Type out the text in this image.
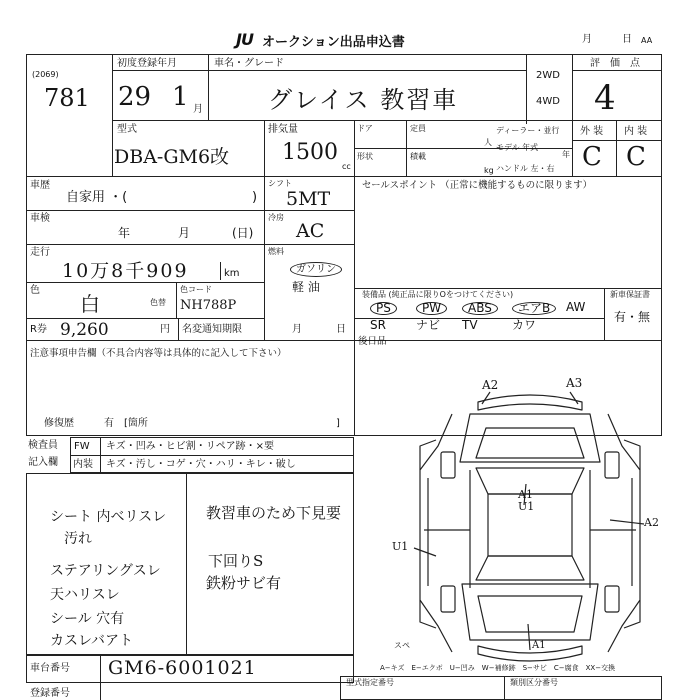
JU オークション出品申込書	月	日 AA
(2069)
781
初度登録年月
29 1 月
車名・グレード
グレイス 教習車
2WD
4WD
評　価　点
4
型式
DBA-GM6改
排気量
1500
cc
ドア
形状
定員
人
積載
kg
ディーラー・並行
モデル 年式
年
ハンドル 左・右
外 装 内 装
C C
車歴
自家用 ・(	)
車検
年	月	(日)
走行
10万8千909	km
色
白	色替
色コード
NH788P
R券 9,260	円 名変通知期限	月	日
シフト
5MT
冷房
AC
燃料
ガソリン
軽 油
セールスポイント （正常に機能するものに限ります）
装備品 (純正品に限りOをつけてください)	新車保証書
有・無
PS	PW	ABS	エアB	AW
SR	ナビ TV	カワ
後日品
注意事項申告欄（不具合内容等は具体的に記入して下さい）
修復歴	有　[箇所	]
検査員
記入欄
FW キズ・凹み・ヒビ割・リペア跡・×要
内装 キズ・汚し・コゲ・穴・ハリ・キレ・破し
シート 内ベリスレ
汚れ
ステアリングスレ
天ハリスレ
シール 穴有
カスレバアト
教習車のため下見要
下回りS
鉄粉サビ有
A2	A3
A1
U1
A2
U1
スペ	A1
A−キズ　E−エクボ　U−凹み　W−補修跡　S−サビ　C−腐食　XX−交換
車台番号 GM6-6001021
登録番号
型式指定番号	類別区分番号
